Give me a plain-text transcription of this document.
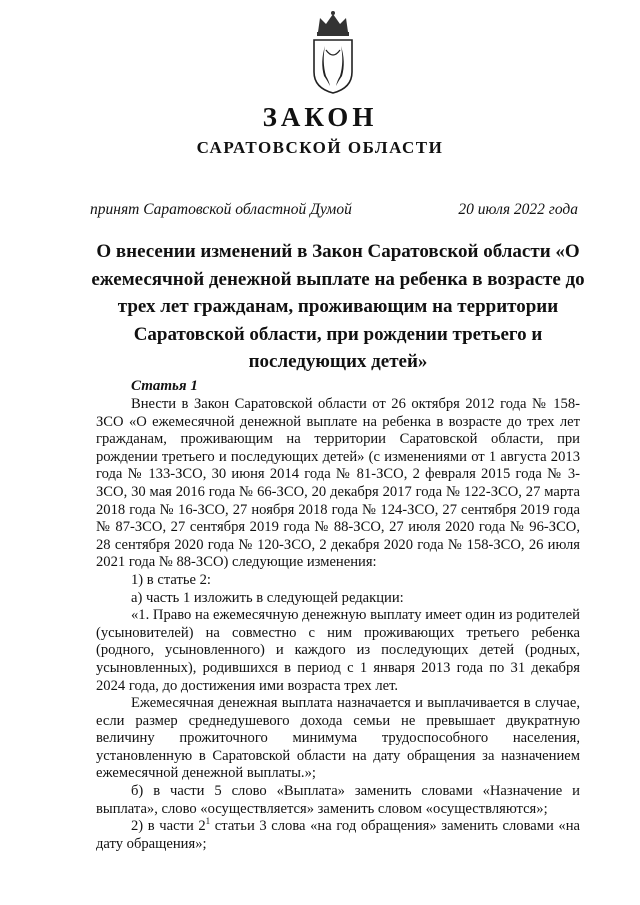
ЗАКОН
САРАТОВСКОЙ ОБЛАСТИ
принят Саратовской областной Думой	20 июля 2022 года
О внесении изменений в Закон Саратовской области «О ежемесячной денежной выплате на ребенка в возрасте до трех лет гражданам, проживающим на территории Саратовской области, при рождении третьего и последующих детей»
Статья 1

Внести в Закон Саратовской области от 26 октября 2012 года № 158-ЗСО «О ежемесячной денежной выплате на ребенка в возрасте до трех лет гражданам, проживающим на территории Саратовской области, при рождении третьего и последующих детей» (с изменениями от 1 августа 2013 года № 133-ЗСО, 30 июня 2014 года № 81-ЗСО, 2 февраля 2015 года № 3-ЗСО, 30 мая 2016 года № 66-ЗСО, 20 декабря 2017 года № 122-ЗСО, 27 марта 2018 года № 16-ЗСО, 27 ноября 2018 года № 124-ЗСО, 27 сентября 2019 года № 87-ЗСО, 27 сентября 2019 года № 88-ЗСО, 27 июля 2020 года № 96-ЗСО, 28 сентября 2020 года № 120-ЗСО, 2 декабря 2020 года № 158-ЗСО, 26 июля 2021 года № 88-ЗСО) следующие изменения:

1) в статье 2:

а) часть 1 изложить в следующей редакции:

«1. Право на ежемесячную денежную выплату имеет один из родителей (усыновителей) на совместно с ним проживающих третьего ребенка (родного, усыновленного) и каждого из последующих детей (родных, усыновленных), родившихся в период с 1 января 2013 года по 31 декабря 2024 года, до достижения ими возраста трех лет.

Ежемесячная денежная выплата назначается и выплачивается в случае, если размер среднедушевого дохода семьи не превышает двукратную величину прожиточного минимума трудоспособного населения, установленную в Саратовской области на дату обращения за назначением ежемесячной денежной выплаты.»;

б) в части 5 слово «Выплата» заменить словами «Назначение и выплата», слово «осуществляется» заменить словом «осуществляются»;

2) в части $2^1$ статьи 3 слова «на год обращения» заменить словами «на дату обращения»;
